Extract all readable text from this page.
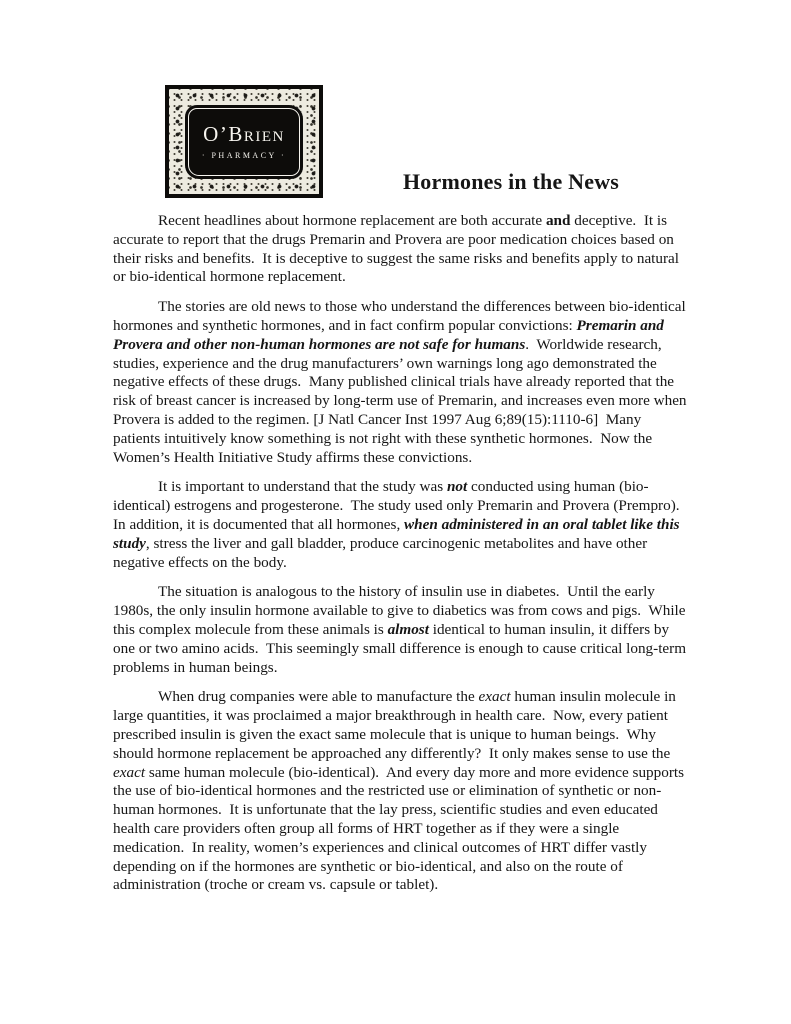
O’Brien
· PHARMACY ·
Hormones in the News

Recent headlines about hormone replacement are both accurate and deceptive.  It is accurate to report that the drugs Premarin and Provera are poor medication choices based on their risks and benefits.  It is deceptive to suggest the same risks and benefits apply to natural or bio-identical hormone replacement.

The stories are old news to those who understand the differences between bio-identical hormones and synthetic hormones, and in fact confirm popular convictions: Premarin and Provera and other non-human hormones are not safe for humans.  Worldwide research, studies, experience and the drug manufacturers’ own warnings long ago demonstrated the negative effects of these drugs.  Many published clinical trials have already reported that the risk of breast cancer is increased by long-term use of Premarin, and increases even more when Provera is added to the regimen. [J Natl Cancer Inst 1997 Aug 6;89(15):1110-6]  Many patients intuitively know something is not right with these synthetic hormones.  Now the Women’s Health Initiative Study affirms these convictions.

It is important to understand that the study was not conducted using human (bio-identical) estrogens and progesterone.  The study used only Premarin and Provera (Prempro).  In addition, it is documented that all hormones, when administered in an oral tablet like this study, stress the liver and gall bladder, produce carcinogenic metabolites and have other negative effects on the body.

The situation is analogous to the history of insulin use in diabetes.  Until the early 1980s, the only insulin hormone available to give to diabetics was from cows and pigs.  While this complex molecule from these animals is almost identical to human insulin, it differs by one or two amino acids.  This seemingly small difference is enough to cause critical long-term problems in human beings.

When drug companies were able to manufacture the exact human insulin molecule in large quantities, it was proclaimed a major breakthrough in health care.  Now, every patient prescribed insulin is given the exact same molecule that is unique to human beings.  Why should hormone replacement be approached any differently?  It only makes sense to use the exact same human molecule (bio-identical).  And every day more and more evidence supports the use of bio-identical hormones and the restricted use or elimination of synthetic or non-human hormones.  It is unfortunate that the lay press, scientific studies and even educated health care providers often group all forms of HRT together as if they were a single medication.  In reality, women’s experiences and clinical outcomes of HRT differ vastly depending on if the hormones are synthetic or bio-identical, and also on the route of administration (troche or cream vs. capsule or tablet).
